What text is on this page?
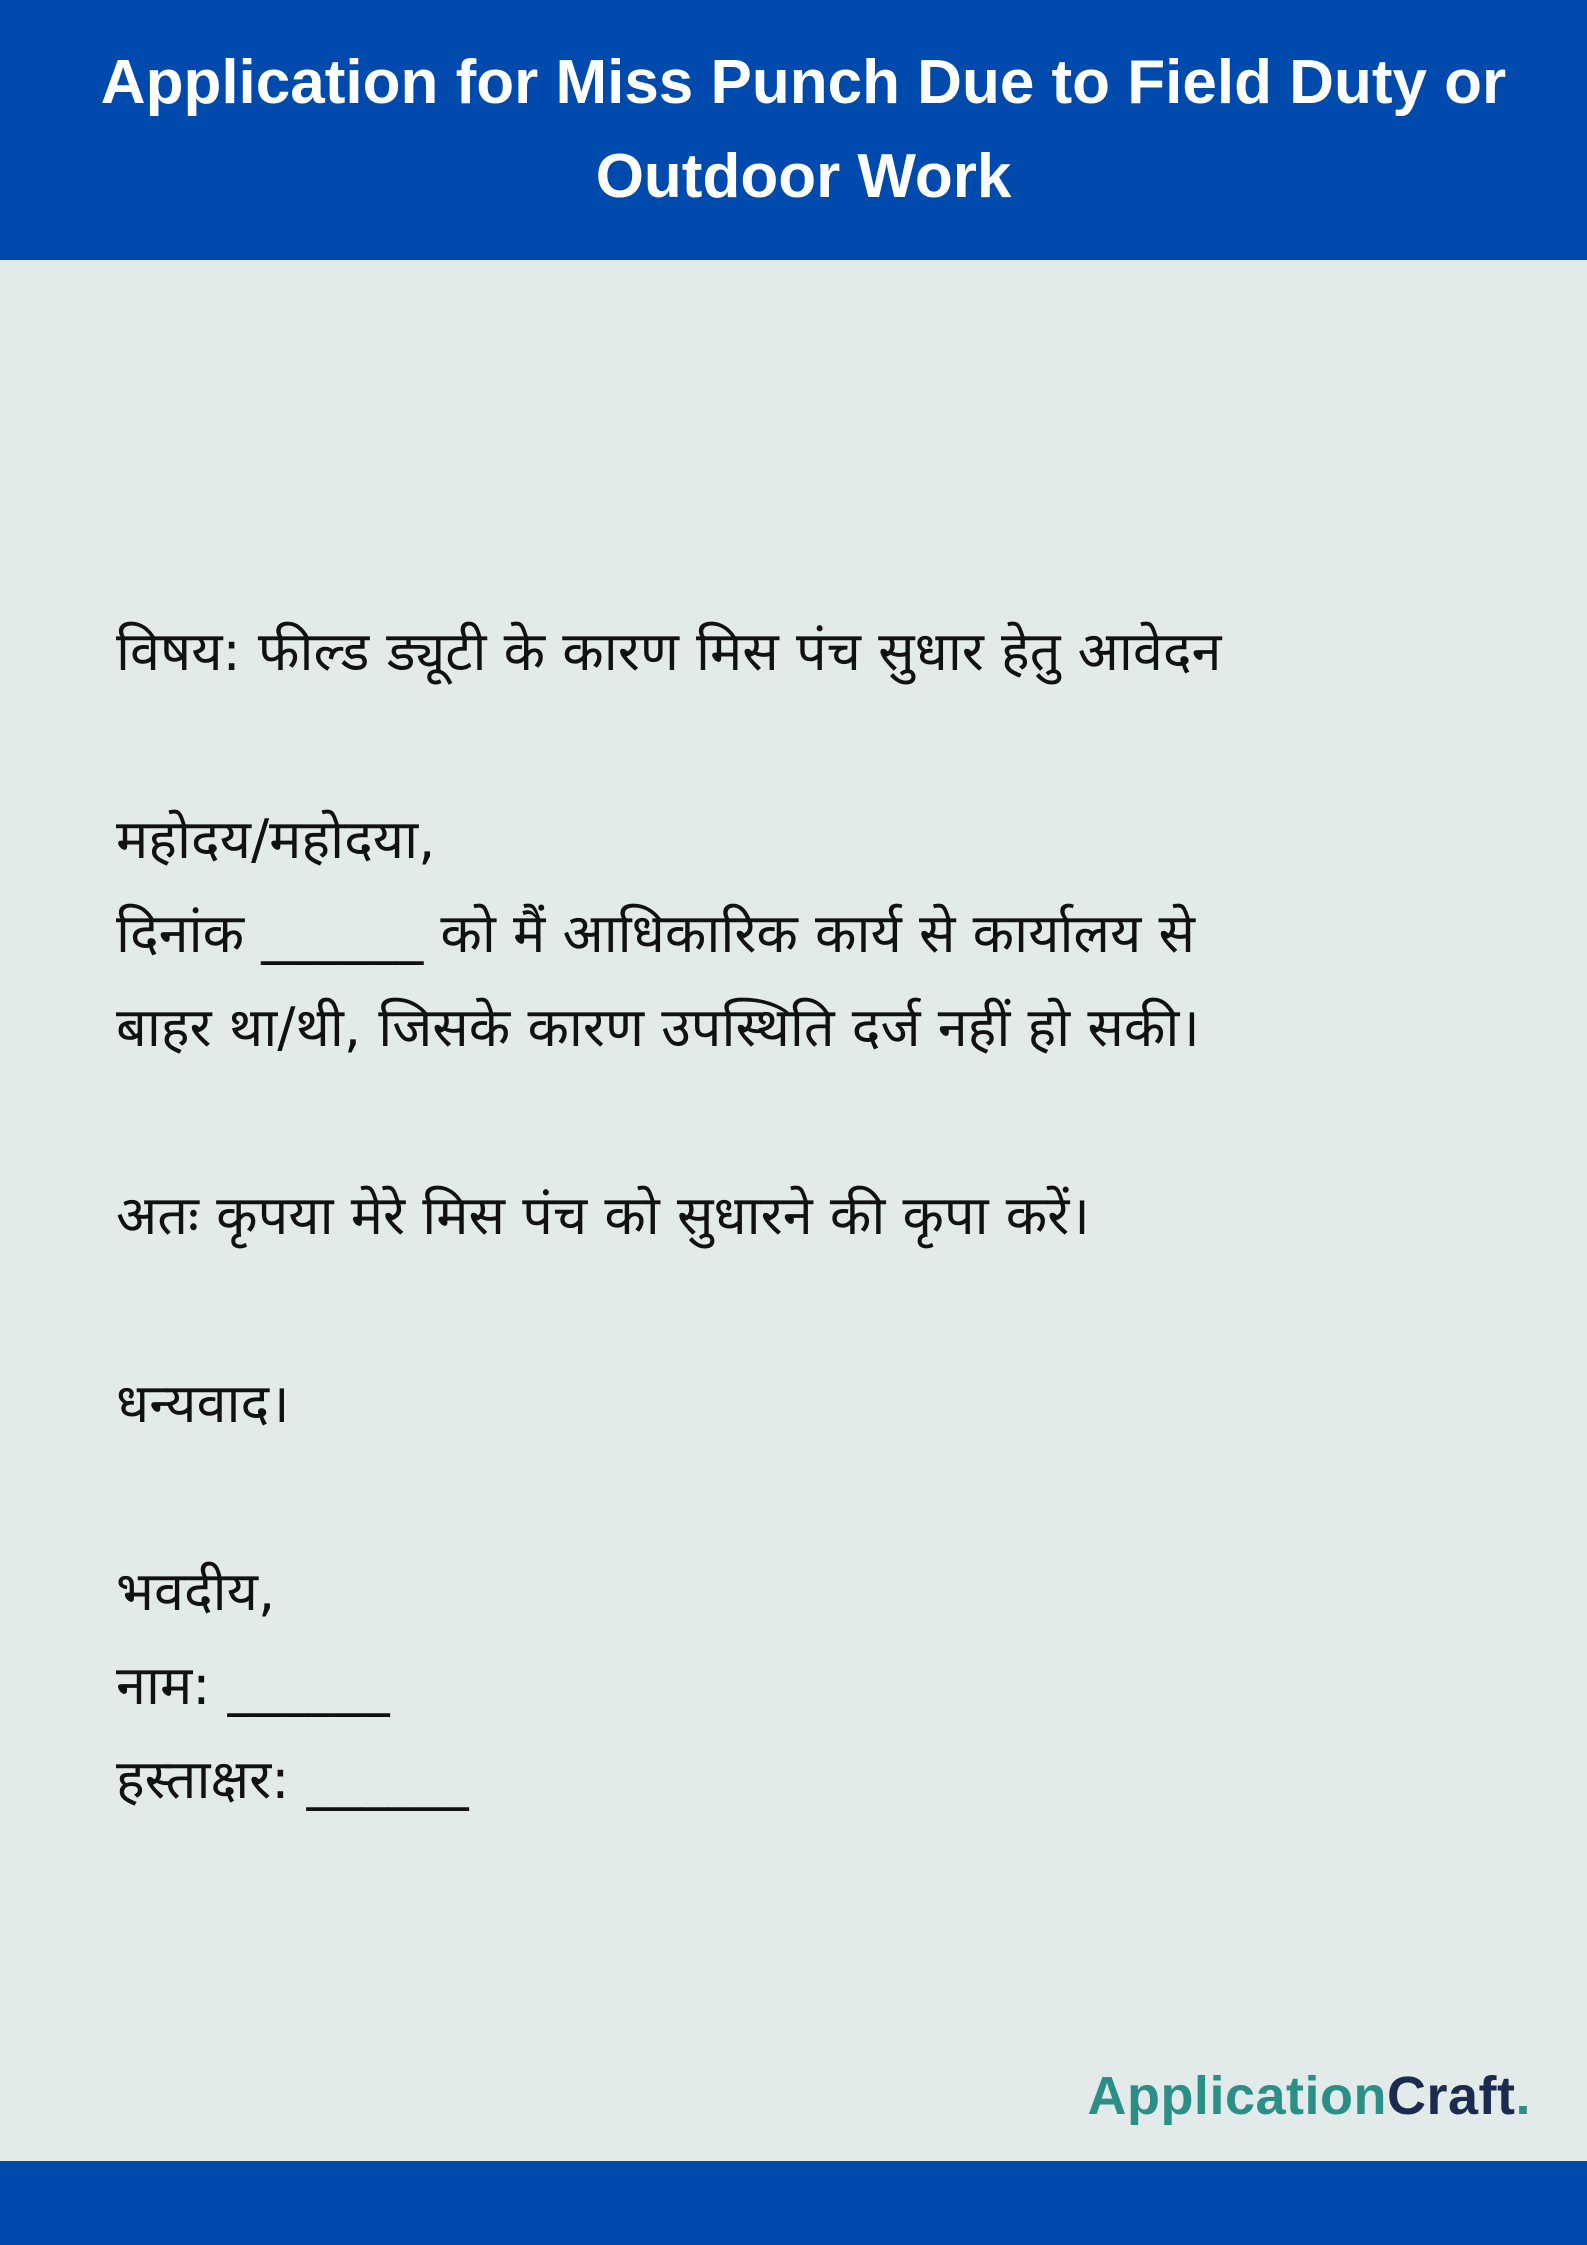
Application for Miss Punch Due to Field Duty or Outdoor Work

विषय: फील्ड ड्यूटी के कारण मिस पंच सुधार हेतु आवेदन

महोदय/महोदया,

दिनांक ______ को मैं आधिकारिक कार्य से कार्यालय से

बाहर था/थी, जिसके कारण उपस्थिति दर्ज नहीं हो सकी।

अतः कृपया मेरे मिस पंच को सुधारने की कृपा करें।

धन्यवाद।

भवदीय,

नाम: ______

हस्ताक्षर: ______

ApplicationCraft.
